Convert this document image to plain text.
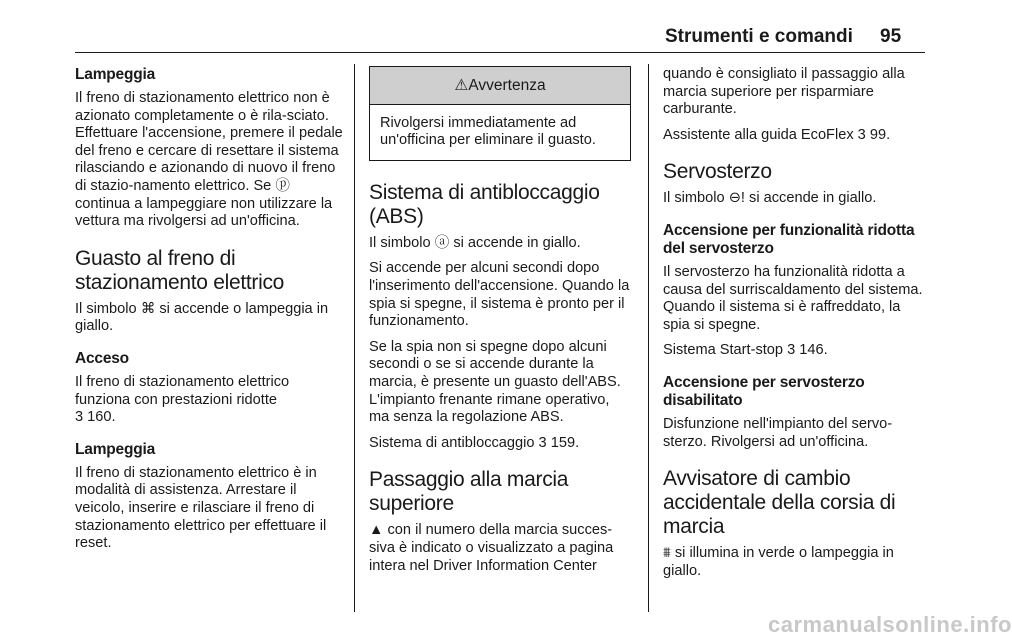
Strumenti e comandi 95
Lampeggia

Il freno di stazionamento elettrico non è azionato completamente o è rila-sciato. Effettuare l'accensione, premere il pedale del freno e cercare di resettare il sistema rilasciando e azionando di nuovo il freno di stazio-namento elettrico. Se ⓟ continua a lampeggiare non utilizzare la vettura ma rivolgersi ad un'officina.

Guasto al freno di stazionamento elettrico

Il simbolo ⌘ si accende o lampeggia in giallo.

Acceso

Il freno di stazionamento elettrico funziona con prestazioni ridotte
3 160.

Lampeggia

Il freno di stazionamento elettrico è in modalità di assistenza. Arrestare il veicolo, inserire e rilasciare il freno di stazionamento elettrico per effettuare il reset.

⚠Avvertenza
Rivolgersi immediatamente ad un'officina per eliminare il guasto.
Sistema di antibloccaggio (ABS)

Il simbolo ⓐ si accende in giallo.

Si accende per alcuni secondi dopo l'inserimento dell'accensione. Quando la spia si spegne, il sistema è pronto per il funzionamento.

Se la spia non si spegne dopo alcuni secondi o se si accende durante la marcia, è presente un guasto dell'ABS. L'impianto frenante rimane operativo, ma senza la regolazione ABS.

Sistema di antibloccaggio 3 159.

Passaggio alla marcia superiore

▲ con il numero della marcia succes-siva è indicato o visualizzato a pagina intera nel Driver Information Center

quando è consigliato il passaggio alla marcia superiore per risparmiare carburante.

Assistente alla guida EcoFlex 3 99.

Servosterzo

Il simbolo ⊖! si accende in giallo.

Accensione per funzionalità ridotta del servosterzo

Il servosterzo ha funzionalità ridotta a causa del surriscaldamento del sistema. Quando il sistema si è raffreddato, la spia si spegne.

Sistema Start-stop 3 146.

Accensione per servosterzo disabilitato

Disfunzione nell'impianto del servo-sterzo. Rivolgersi ad un'officina.

Avvisatore di cambio accidentale della corsia di marcia

⩩ si illumina in verde o lampeggia in giallo.

carmanualsonline.info
